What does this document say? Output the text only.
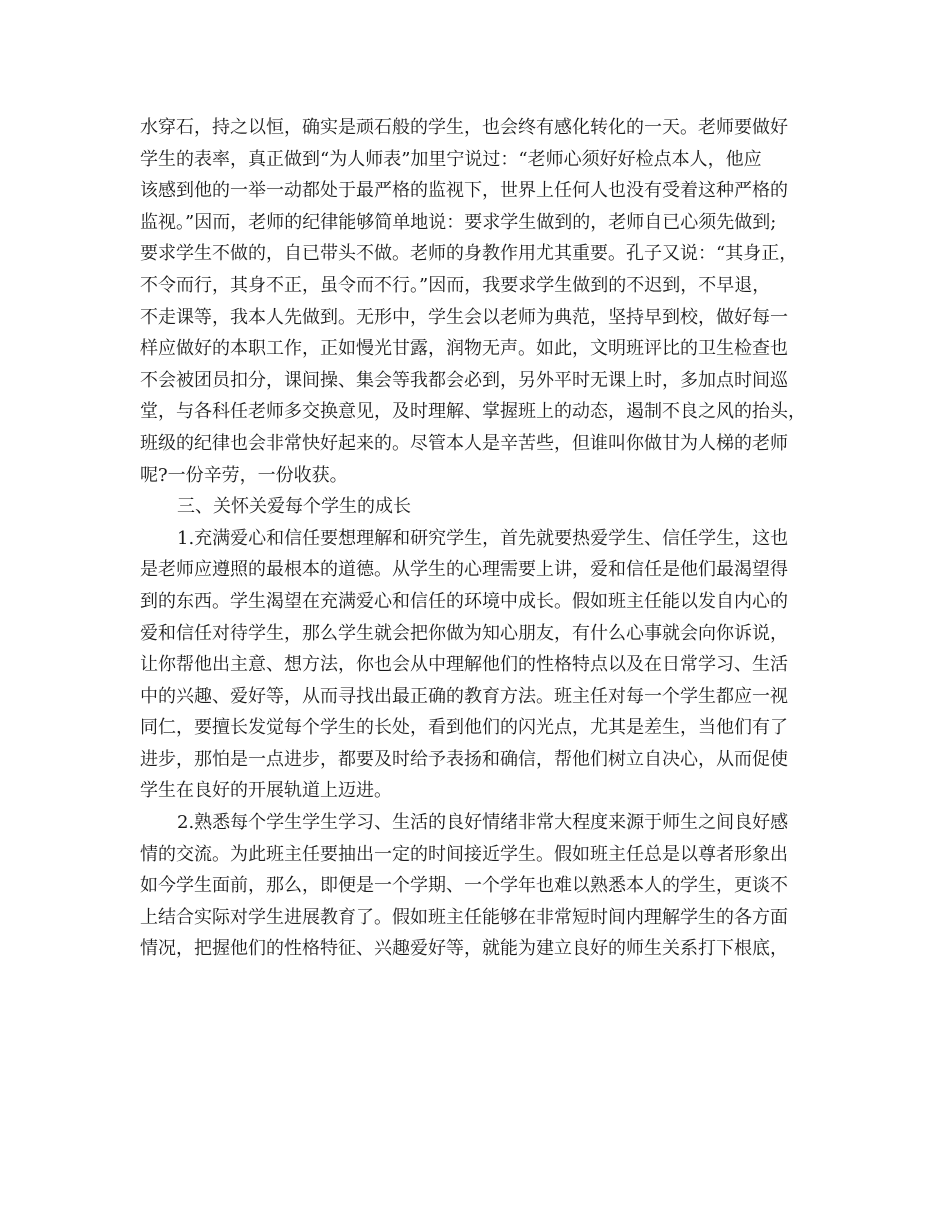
水穿石，持之以恒，确实是顽石般的学生，也会终有感化转化的一天。老师要做好
学生的表率，真正做到“为人师表”加里宁说过：“老师心须好好检点本人，他应
该感到他的一举一动都处于最严格的监视下，世界上任何人也没有受着这种严格的
监视。”因而，老师的纪律能够简单地说：要求学生做到的，老师自已心须先做到;
要求学生不做的，自已带头不做。老师的身教作用尤其重要。孔子又说：“其身正，
不令而行，其身不正，虽令而不行。”因而，我要求学生做到的不迟到，不早退，
不走课等，我本人先做到。无形中，学生会以老师为典范，坚持早到校，做好每一
样应做好的本职工作，正如慢光甘露，润物无声。如此，文明班评比的卫生检查也
不会被团员扣分，课间操、集会等我都会必到，另外平时无课上时，多加点时间巡
堂，与各科任老师多交换意见，及时理解、掌握班上的动态，遏制不良之风的抬头，
班级的纪律也会非常快好起来的。尽管本人是辛苦些，但谁叫你做甘为人梯的老师
呢?一份辛劳，一份收获。
三、关怀关爱每个学生的成长
1.充满爱心和信任要想理解和研究学生，首先就要热爱学生、信任学生，这也
是老师应遵照的最根本的道德。从学生的心理需要上讲，爱和信任是他们最渴望得
到的东西。学生渴望在充满爱心和信任的环境中成长。假如班主任能以发自内心的
爱和信任对待学生，那么学生就会把你做为知心朋友，有什么心事就会向你诉说，
让你帮他出主意、想方法，你也会从中理解他们的性格特点以及在日常学习、生活
中的兴趣、爱好等，从而寻找出最正确的教育方法。班主任对每一个学生都应一视
同仁，要擅长发觉每个学生的长处，看到他们的闪光点，尤其是差生，当他们有了
进步，那怕是一点进步，都要及时给予表扬和确信，帮他们树立自决心，从而促使
学生在良好的开展轨道上迈进。
2.熟悉每个学生学生学习、生活的良好情绪非常大程度来源于师生之间良好感
情的交流。为此班主任要抽出一定的时间接近学生。假如班主任总是以尊者形象出
如今学生面前，那么，即便是一个学期、一个学年也难以熟悉本人的学生，更谈不
上结合实际对学生进展教育了。假如班主任能够在非常短时间内理解学生的各方面
情况，把握他们的性格特征、兴趣爱好等，就能为建立良好的师生关系打下根底，
